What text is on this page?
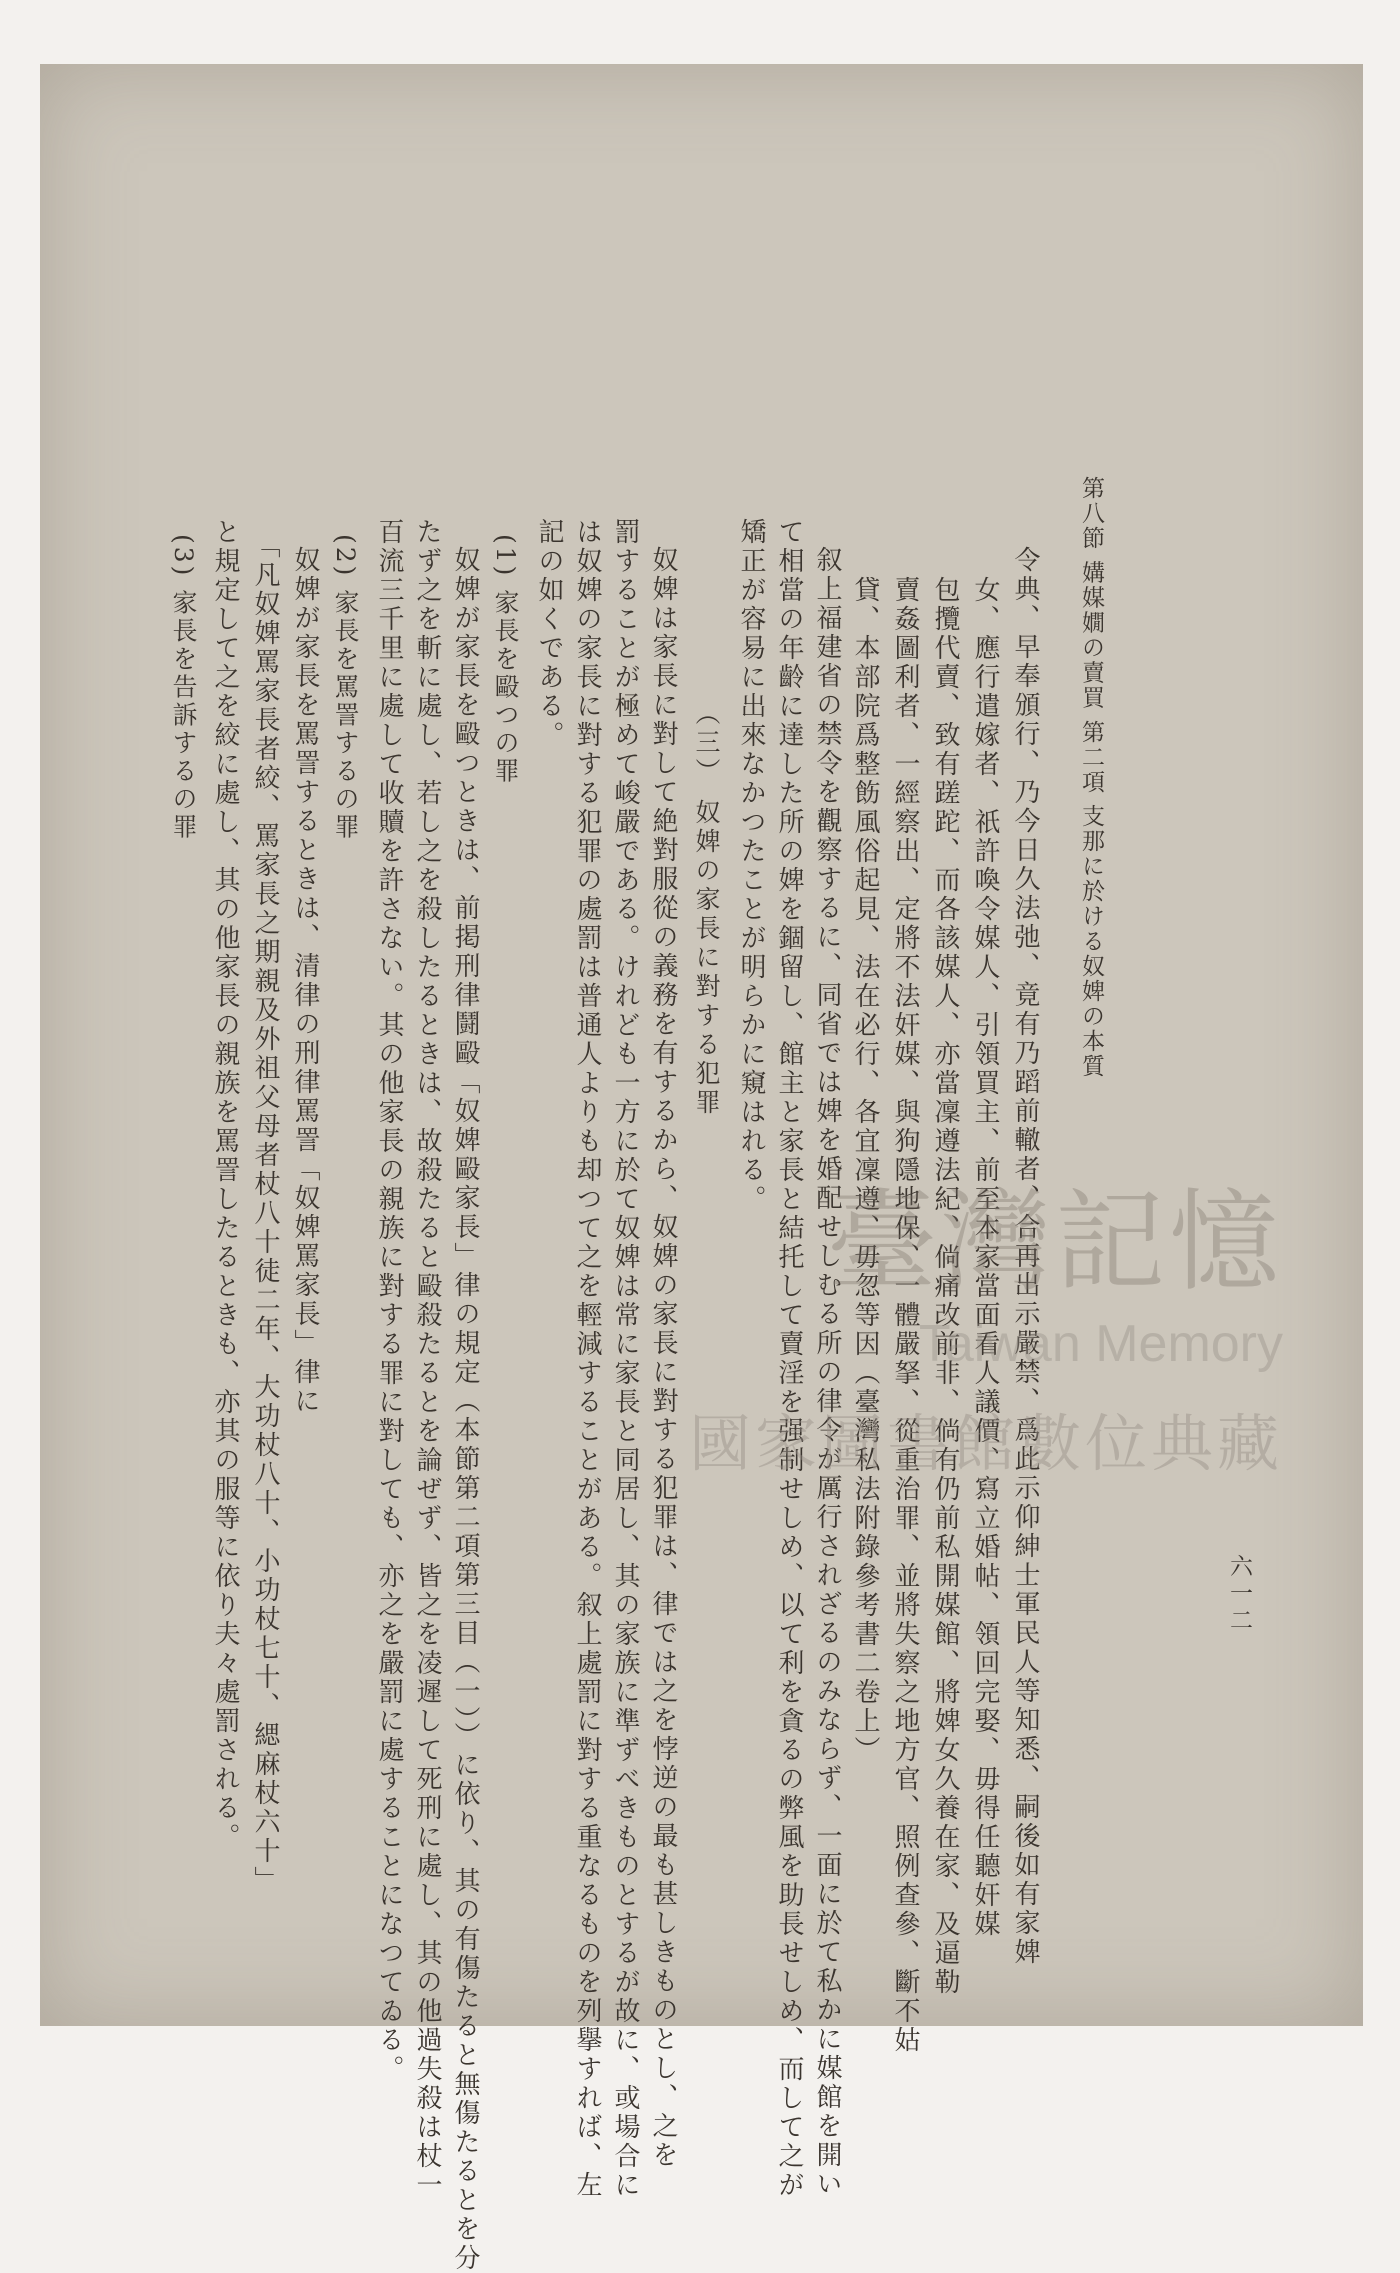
六一二
第八節 媾媒嫺の賣買 第二項 支那に於ける奴婢の本質
令典、早奉頒行、乃今日久法弛、竟有乃蹈前轍者、合再出示嚴禁、爲此示仰紳士軍民人等知悉、嗣後如有家婢
女、應行遣嫁者、祇許喚令媒人、引領買主、前至本家當面看人議價、寫立婚帖、領回完娶、毋得任聽奸媒
包攬代賣、致有蹉跎、而各該媒人、亦當凜遵法紀、倘痛改前非、倘有仍前私開媒館、將婢女久養在家、及逼勒
賣姦圖利者、一經察出、定將不法奸媒、與狗隱地保、一體嚴拏、從重治罪、並將失察之地方官、照例查參、斷不姑
貸、本部院爲整飭風俗起見、法在必行、各宜凜遵、毋忽等因（臺灣私法附錄參考書二卷上）
叙上福建省の禁令を觀察するに、同省では婢を婚配せしむる所の律令が厲行されざるのみならず、一面に於て私かに媒館を開い
て相當の年齡に達した所の婢を錮留し、館主と家長と結托して賣淫を强制せしめ、以て利を貪るの弊風を助長せしめ、而して之が
矯正が容易に出來なかつたことが明らかに窺はれる。
（三） 奴婢の家長に對する犯罪
奴婢は家長に對して絶對服從の義務を有するから、奴婢の家長に對する犯罪は、律では之を悖逆の最も甚しきものとし、之を
罰することが極めて峻嚴である。けれども一方に於て奴婢は常に家長と同居し、其の家族に準ずべきものとするが故に、或場合に
は奴婢の家長に對する犯罪の處罰は普通人よりも却つて之を輕減することがある。叙上處罰に對する重なるものを列擧すれば、左
記の如くである。
(1) 家長を毆つの罪
奴婢が家長を毆つときは、前掲刑律鬪毆「奴婢毆家長」律の規定（本節第二項第三目（一））に依り、其の有傷たると無傷たるとを分
たず之を斬に處し、若し之を殺したるときは、故殺たると毆殺たるとを論ぜず、皆之を凌遲して死刑に處し、其の他過失殺は杖一
百流三千里に處して收贖を許さない。其の他家長の親族に對する罪に對しても、亦之を嚴罰に處することになつてゐる。
(2) 家長を罵詈するの罪
奴婢が家長を罵詈するときは、清律の刑律罵詈「奴婢罵家長」律に
「凡奴婢罵家長者絞、罵家長之期親及外祖父母者杖八十徒二年、大功杖八十、小功杖七十、緦麻杖六十」
と規定して之を絞に處し、其の他家長の親族を罵詈したるときも、亦其の服等に依り夫々處罰される。
(3) 家長を告訴するの罪
臺灣記憶
Taiwan Memory
國家圖書館數位典藏
